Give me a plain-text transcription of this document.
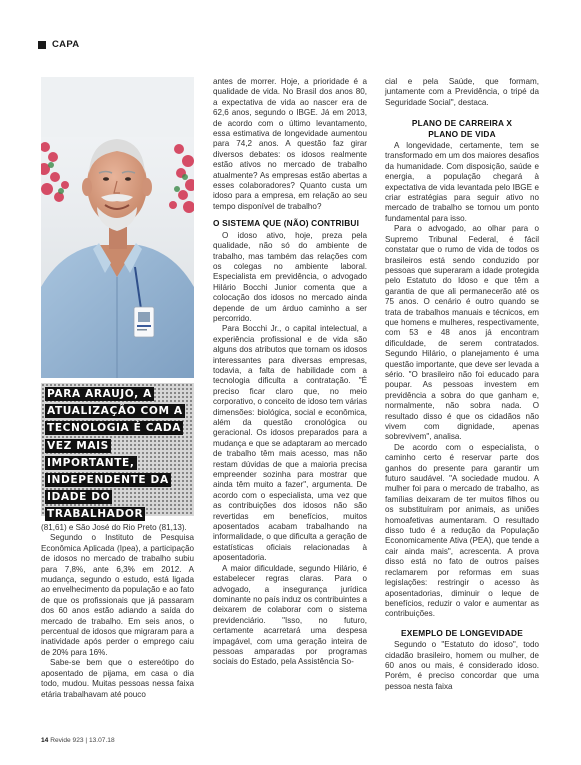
CAPA

PARA ARAUJO, A ATUALIZAÇÃO COM A TECNOLOGIA É CADA VEZ MAIS IMPORTANTE, INDEPENDENTE DA IDADE DO TRABALHADOR

(81,61) e São José do Rio Preto (81,13).

Segundo o Instituto de Pesquisa Econômica Aplicada (Ipea), a participação de idosos no mercado de trabalho subiu para 7,8%, ante 6,3% em 2012. A mudança, segundo o estudo, está ligada ao envelhecimento da população e ao fato de que os profissionais que já passaram dos 60 anos estão adiando a saída do mercado de trabalho. Em seis anos, o percentual de idosos que migraram para a inatividade após perder o emprego caiu de 20% para 16%.

Sabe-se bem que o estereótipo do aposentado de pijama, em casa o dia todo, mudou. Muitas pessoas nessa faixa etária trabalhavam até pouco

antes de morrer. Hoje, a prioridade é a qualidade de vida. No Brasil dos anos 80, a expectativa de vida ao nascer era de 62,6 anos, segundo o IBGE. Já em 2013, de acordo com o último levantamento, essa estimativa de longevidade aumentou para 74,2 anos. A questão faz girar diversos debates: os idosos realmente estão ativos no mercado de trabalho atualmente? As empresas estão abertas a esses colaboradores? Quanto custa um idoso para a empresa, em relação ao seu tempo disponível de trabalho?

O SISTEMA QUE (NÃO) CONTRIBUI

O idoso ativo, hoje, preza pela qualidade, não só do ambiente de trabalho, mas também das relações com os colegas no ambiente laboral. Especialista em previdência, o advogado Hilário Bocchi Junior comenta que a colocação dos idosos no mercado ainda depende de um árduo caminho a ser percorrido.

Para Bocchi Jr., o capital intelectual, a experiência profissional e de vida são alguns dos atributos que tornam os idosos interessantes para diversas empresas, todavia, a falta de habilidade com a tecnologia dificulta a contratação. "É preciso ficar claro que, no meio corporativo, o conceito de idoso tem várias dimensões: biológica, social e econômica, além da questão cronológica ou geracional. Os idosos preparados para a mudança e que se adaptaram ao mercado de trabalho têm mais acesso, mas não restam dúvidas de que a maioria precisa empreender sozinha para mostrar que ainda têm muito a fazer", argumenta. De acordo com o especialista, uma vez que as contribuições dos idosos não são revertidas em benefícios, muitos aposentados acabam trabalhando na informalidade, o que dificulta a geração de estatísticas oficiais relacionadas à aposentadoria.

A maior dificuldade, segundo Hilário, é estabelecer regras claras. Para o advogado, a insegurança jurídica dominante no país induz os contribuintes a deixarem de colaborar com o sistema previdenciário. "Isso, no futuro, certamente acarretará uma despesa impagável, com uma geração inteira de pessoas amparadas por programas sociais do Estado, pela Assistência So-

cial e pela Saúde, que formam, juntamente com a Previdência, o tripé da Seguridade Social", destaca.

PLANO DE CARREIRA X PLANO DE VIDA

A longevidade, certamente, tem se transformado em um dos maiores desafios da humanidade. Com disposição, saúde e energia, a população chegará à expectativa de vida levantada pelo IBGE e criar estratégias para seguir ativo no mercado de trabalho se tornou um ponto fundamental para isso.

Para o advogado, ao olhar para o Supremo Tribunal Federal, é fácil constatar que o rumo de vida de todos os brasileiros está sendo conduzido por pessoas que superaram a idade protegida pelo Estatuto do Idoso e que têm a garantia de que ali permanecerão até os 75 anos. O cenário é outro quando se trata de trabalhos manuais e técnicos, em que homens e mulheres, respectivamente, com 53 e 48 anos já encontram dificuldade, de serem contratados. Segundo Hilário, o planejamento é uma questão importante, que deve ser levada a sério. "O brasileiro não foi educado para poupar. As pessoas investem em previdência a sobra do que ganham e, normalmente, não sobra nada. O resultado disso é que os cidadãos não vivem com dignidade, apenas sobrevivem", analisa.

De acordo com o especialista, o caminho certo é reservar parte dos ganhos do presente para garantir um futuro saudável. "A sociedade mudou. A mulher foi para o mercado de trabalho, as famílias deixaram de ter muitos filhos ou os substituíram por animais, as uniões homoafetivas aumentaram. O resultado disso tudo é a redução da População Economicamente Ativa (PEA), que tende a cair ainda mais", acrescenta. A prova disso está no fato de outros países reclamarem por reformas em suas legislações: restringir o acesso às aposentadorias, diminuir o leque de benefícios, reduzir o valor e aumentar as contribuições.

EXEMPLO DE LONGEVIDADE

Segundo o "Estatuto do idoso", todo cidadão brasileiro, homem ou mulher, de 60 anos ou mais, é considerado idoso. Porém, é preciso concordar que uma pessoa nesta faixa

14 Revide 923 | 13.07.18
